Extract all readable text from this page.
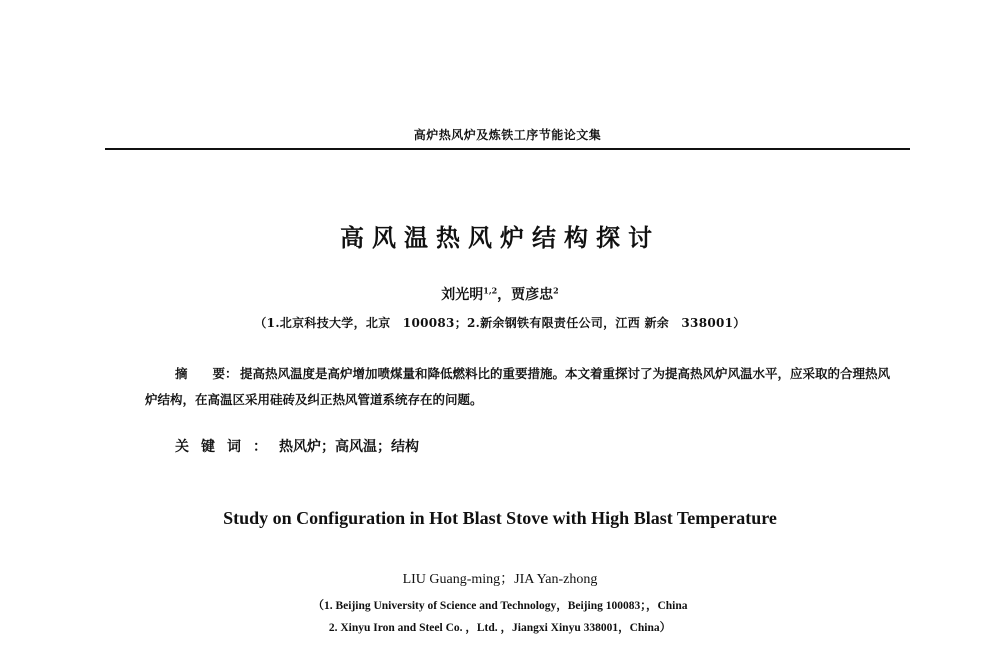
高炉热风炉及炼铁工序节能论文集
高风温热风炉结构探讨
刘光明$^{1,2}$，贾彦忠$^2$
（1.北京科技大学，北京　100083；2.新余钢铁有限责任公司，江西 新余　338001）
摘　　要： 提高热风温度是高炉增加喷煤量和降低燃料比的重要措施。本文着重探讨了为提高热风炉风温水平，应采取的合理热风炉结构，在高温区采用硅砖及纠正热风管道系统存在的问题。
关键词：热风炉；高风温；结构
Study on Configuration in Hot Blast Stove with High Blast Temperature
LIU Guang-ming；JIA Yan-zhong
（1. Beijing University of Science and Technology，Beijing 100083；，China
2. Xinyu Iron and Steel Co. ，Ltd. ，Jiangxi Xinyu 338001，China）
